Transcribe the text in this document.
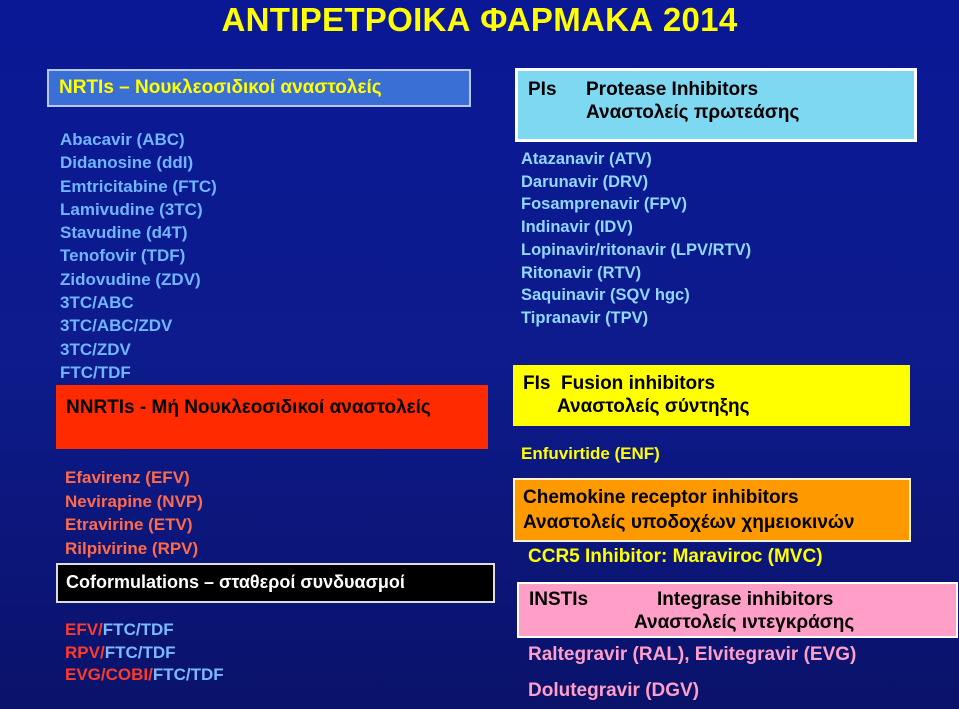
ΑΝΤΙΡΕΤΡΟΙΚΑ ΦΑΡΜΑΚΑ 2014
NRTIs – Νουκλεοσιδικοί αναστολείς
Abacavir (ABC)
Didanosine (ddI)
Emtricitabine (FTC)
Lamivudine (3TC)
Stavudine (d4T)
Tenofovir (TDF)
Zidovudine (ZDV)
3TC/ABC
3TC/ABC/ZDV
3TC/ZDV
FTC/TDF
NNRTIs - Mή Νουκλεοσιδικοί αναστολείς
Efavirenz (EFV)
Nevirapine (NVP)
Etravirine (ETV)
Rilpivirine (RPV)
Coformulations – σταθεροί συνδυασμοί
EFV/FTC/TDF
RPV/FTC/TDF
EVG/COBI/FTC/TDF
PIs Protease Inhibitors
Αναστολείς πρωτεάσης
Atazanavir (ATV)
Darunavir (DRV)
Fosamprenavir (FPV)
Indinavir (IDV)
Lopinavir/ritonavir (LPV/RTV)
Ritonavir (RTV)
Saquinavir (SQV hgc)
Tipranavir (TPV)
FIs Fusion inhibitors
Αναστολείς σύντηξης
Enfuvirtide (ENF)
Chemokine receptor inhibitors
Αναστολείς υποδοχέων χημειοκινών
CCR5 Inhibitor: Maraviroc (MVC)
INSTIs	Integrase inhibitors
Αναστολείς ιντεγκράσης
Raltegravir (RAL), Elvitegravir (EVG)
Dolutegravir (DGV)
